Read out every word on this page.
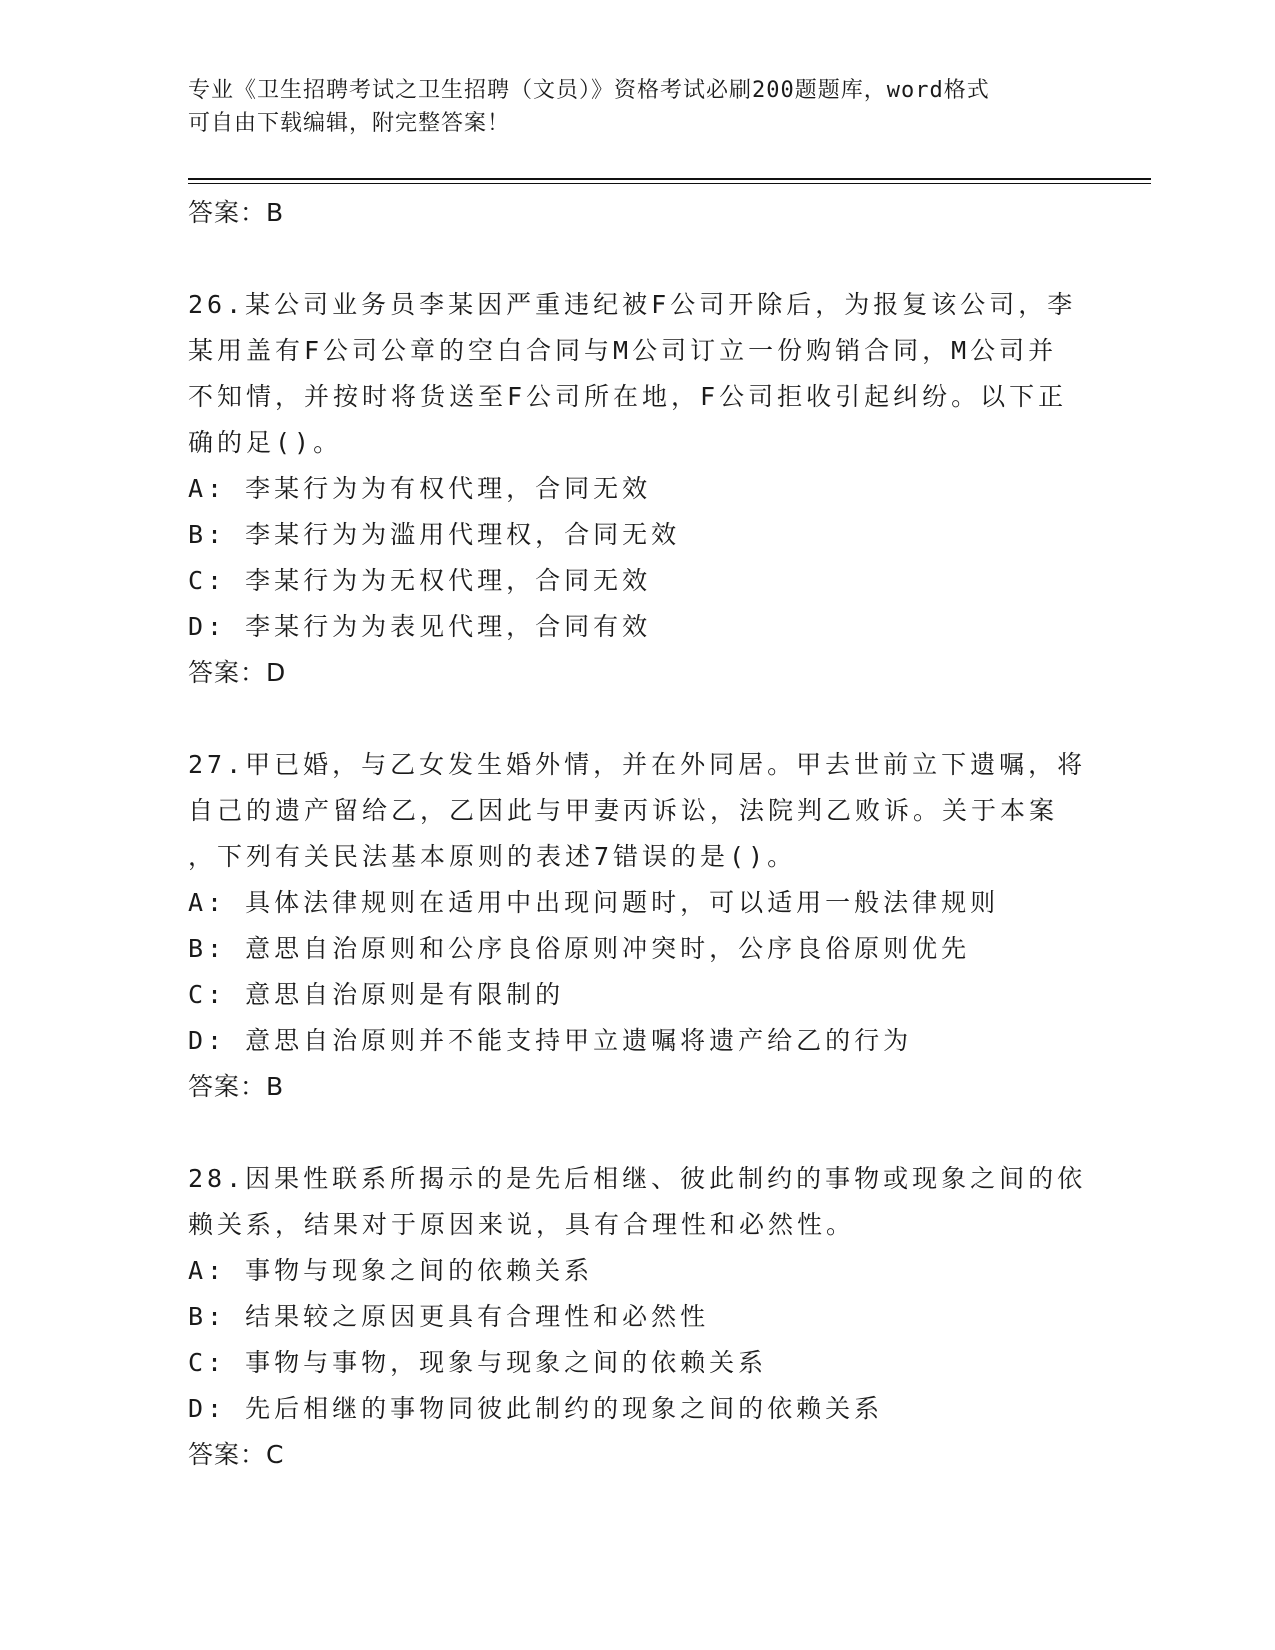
专业《卫生招聘考试之卫生招聘（文员）》资格考试必刷200题题库，word格式
可自由下载编辑，附完整答案！
答案：B
26.某公司业务员李某因严重违纪被F公司开除后，为报复该公司，李
某用盖有F公司公章的空白合同与M公司订立一份购销合同，M公司并
不知情，并按时将货送至F公司所在地，F公司拒收引起纠纷。以下正
确的足()。
A: 李某行为为有权代理，合同无效
B: 李某行为为滥用代理权，合同无效
C: 李某行为为无权代理，合同无效
D: 李某行为为表见代理，合同有效
答案：D
27.甲已婚，与乙女发生婚外情，并在外同居。甲去世前立下遗嘱，将
自己的遗产留给乙，乙因此与甲妻丙诉讼，法院判乙败诉。关于本案
，下列有关民法基本原则的表述7错误的是()。
A: 具体法律规则在适用中出现问题时，可以适用一般法律规则
B: 意思自治原则和公序良俗原则冲突时，公序良俗原则优先
C: 意思自治原则是有限制的
D: 意思自治原则并不能支持甲立遗嘱将遗产给乙的行为
答案：B
28.因果性联系所揭示的是先后相继、彼此制约的事物或现象之间的依
赖关系，结果对于原因来说，具有合理性和必然性。
A: 事物与现象之间的依赖关系
B: 结果较之原因更具有合理性和必然性
C: 事物与事物，现象与现象之间的依赖关系
D: 先后相继的事物同彼此制约的现象之间的依赖关系
答案：C
